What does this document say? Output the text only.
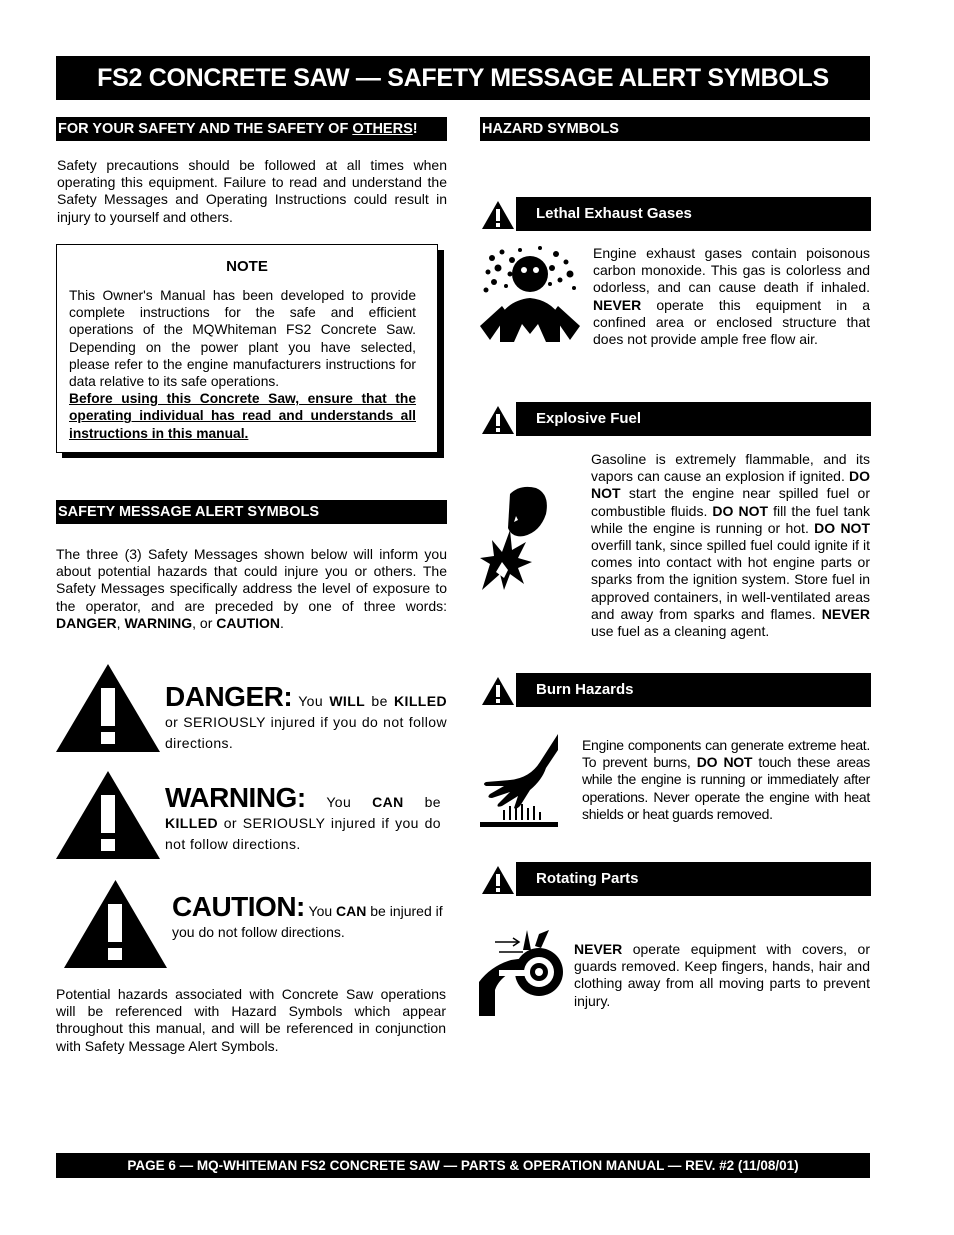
FS2 CONCRETE SAW — SAFETY MESSAGE ALERT SYMBOLS
FOR YOUR SAFETY AND THE SAFETY OF OTHERS!
Safety precautions should be followed at all times when operating this equipment. Failure to read and understand the Safety Messages and Operating Instructions could result in injury to yourself and others.
NOTE
This Owner's Manual has been developed to provide complete instructions for the safe and efficient operations of the MQWhiteman FS2 Concrete Saw. Depending on the power plant you have selected, please refer to the engine manufacturers instructions for data relative to its safe operations.
Before using this Concrete Saw, ensure that the operating individual has read and understands all instructions in this manual.
SAFETY MESSAGE ALERT SYMBOLS
The three (3) Safety Messages shown below will inform you about potential hazards that could injure you or others. The Safety Messages specifically address the level of exposure to the operator, and are preceded by one of three words: DANGER, WARNING, or CAUTION.
DANGER: You WILL be KILLED or SERIOUSLY injured if you do not follow directions.
WARNING: You CAN be KILLED or SERIOUSLY injured if you do not follow directions.
CAUTION: You CAN be injured if you do not follow directions.
Potential hazards associated with Concrete Saw operations will be referenced with Hazard Symbols which appear throughout this manual, and will be referenced in conjunction with Safety Message Alert Symbols.
HAZARD SYMBOLS
Lethal Exhaust Gases
Engine exhaust gases contain poisonous carbon monoxide. This gas is colorless and odorless, and can cause death if inhaled. NEVER operate this equipment in a confined area or enclosed structure that does not provide ample free flow air.
Explosive Fuel
Gasoline is extremely flammable, and its vapors can cause an explosion if ignited. DO NOT start the engine near spilled fuel or combustible fluids. DO NOT fill the fuel tank while the engine is running or hot. DO NOT overfill tank, since spilled fuel could ignite if it comes into contact with hot engine parts or sparks from the ignition system. Store fuel in approved containers, in well-ventilated areas and away from sparks and flames. NEVER use fuel as a cleaning agent.
Burn Hazards
Engine components can generate extreme heat. To prevent burns, DO NOT touch these areas while the engine is running or immediately after operations. Never operate the engine with heat shields or heat guards removed.
Rotating Parts
NEVER operate equipment with covers, or guards removed. Keep fingers, hands, hair and clothing away from all moving parts to prevent injury.
PAGE 6 — MQ-WHITEMAN FS2 CONCRETE SAW — PARTS & OPERATION MANUAL — REV. #2 (11/08/01)
